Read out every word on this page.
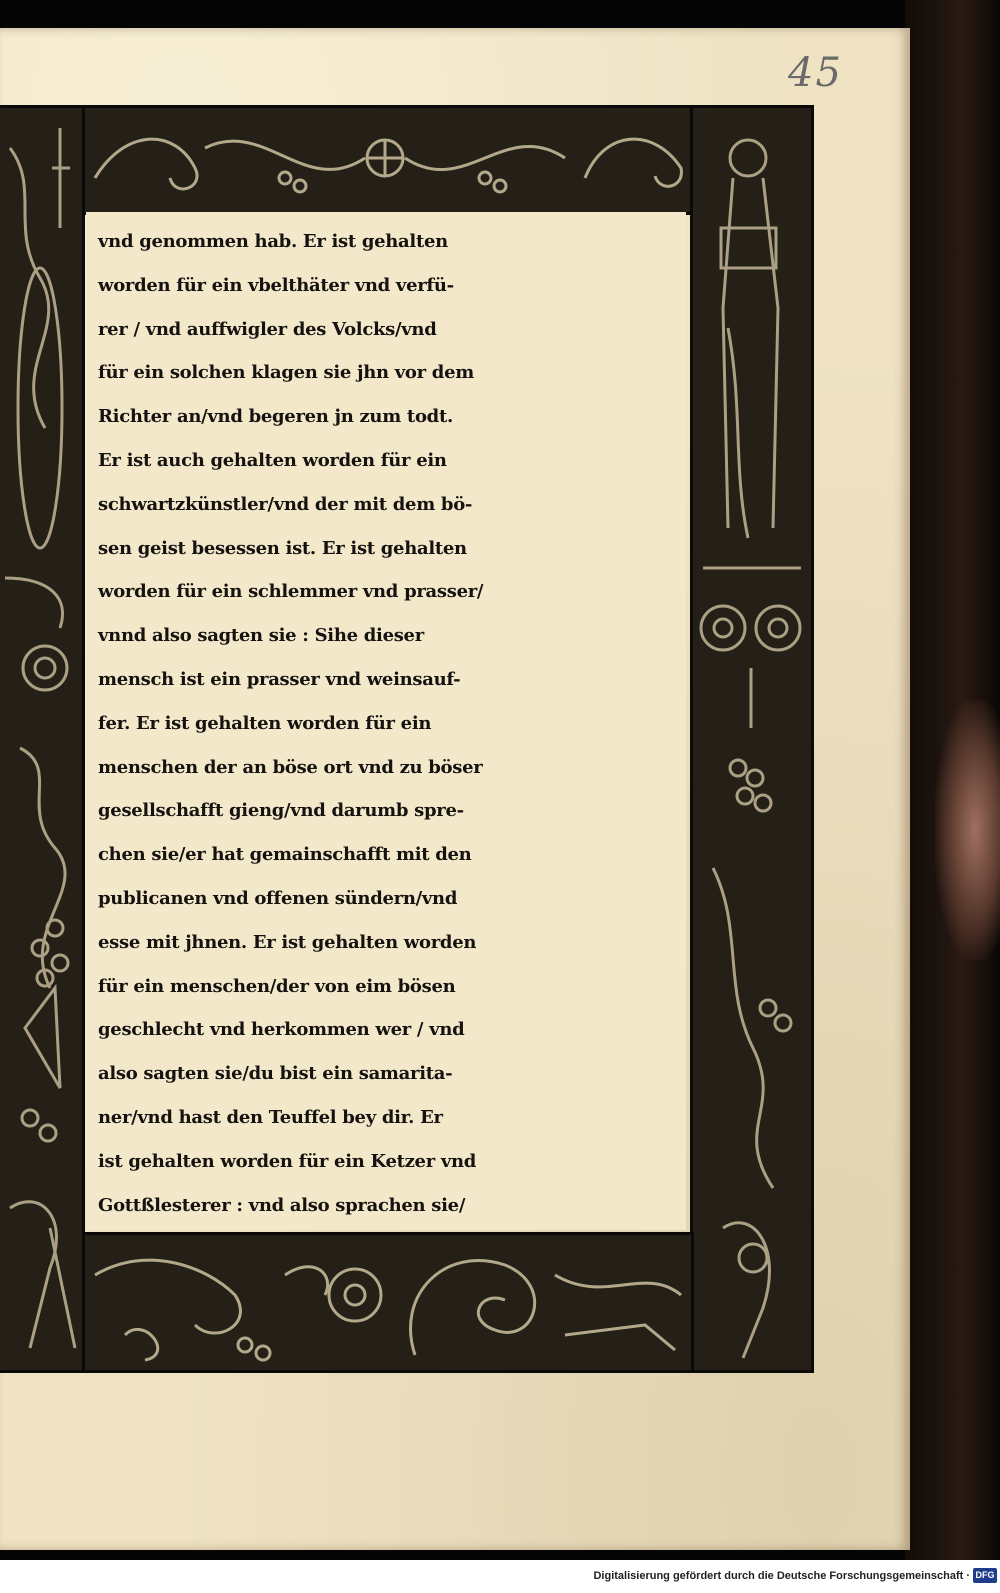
45
vnd genommen hab. Er ist gehalten
worden für ein vbelthäter vnd verfü-
rer / vnd auffwigler des Volcks/vnd
für ein solchen klagen sie jhn vor dem
Richter an/vnd begeren jn zum todt.
Er ist auch gehalten worden für ein
schwartzkünstler/vnd der mit dem bö-
sen geist besessen ist. Er ist gehalten
worden für ein schlemmer vnd prasser/
vnnd also sagten sie : Sihe dieser
mensch ist ein prasser vnd weinsauf-
fer. Er ist gehalten worden für ein
menschen der an böse ort vnd zu böser
gesellschafft gieng/vnd darumb spre-
chen sie/er hat gemainschafft mit den
publicanen vnd offenen sündern/vnd
esse mit jhnen. Er ist gehalten worden
für ein menschen/der von eim bösen
geschlecht vnd herkommen wer / vnd
also sagten sie/du bist ein samarita-
ner/vnd hast den Teuffel bey dir. Er
ist gehalten worden für ein Ketzer vnd
Gottßlesterer : vnd also sprachen sie/
Digitalisierung gefördert durch die Deutsche Forschungsgemeinschaft · DFG
